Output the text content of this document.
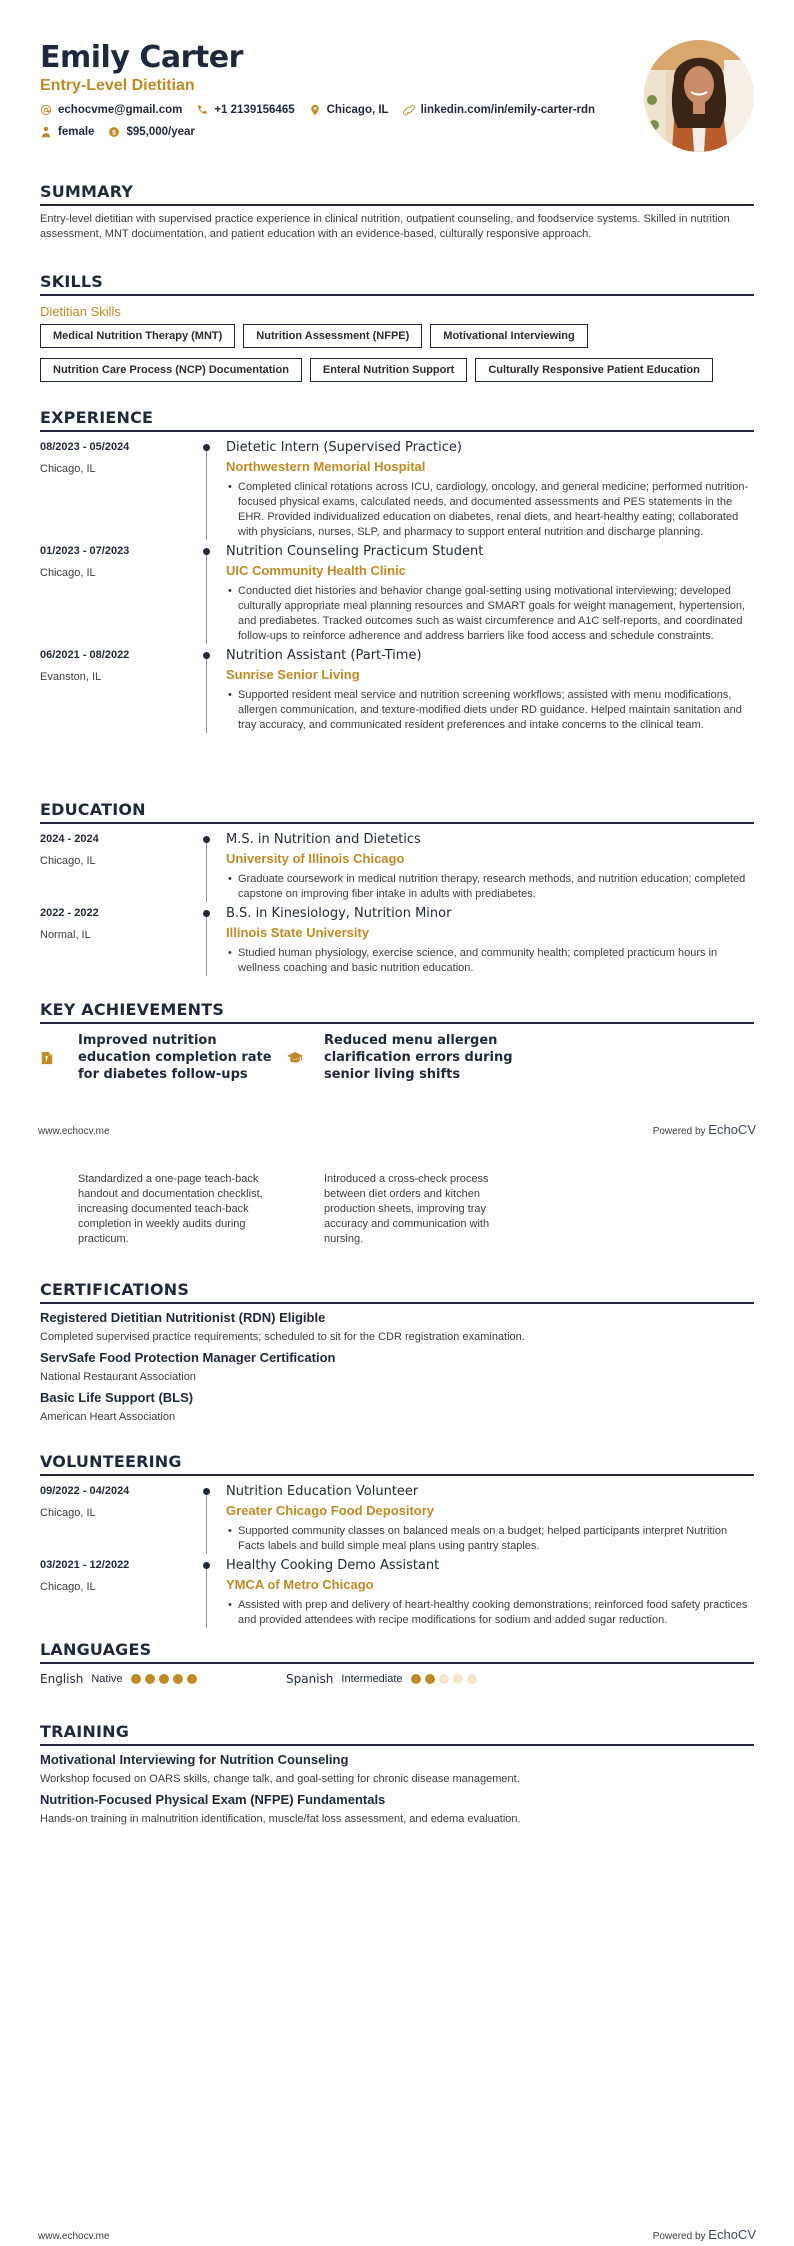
Emily Carter
Entry-Level Dietitian
echocvme@gmail.com	+1 2139156465	Chicago, IL	linkedin.com/in/emily-carter-rdn
female $ $95,000/year
SUMMARY
Entry-level dietitian with supervised practice experience in clinical nutrition, outpatient counseling, and foodservice systems. Skilled in nutrition assessment, MNT documentation, and patient education with an evidence-based, culturally responsive approach.
SKILLS
Dietitian Skills
Medical Nutrition Therapy (MNT)	Nutrition Assessment (NFPE)	Motivational Interviewing
Nutrition Care Process (NCP) Documentation	Enteral Nutrition Support	Culturally Responsive Patient Education
EXPERIENCE
08/2023 - 05/2024
Chicago, IL
Dietetic Intern (Supervised Practice)
Northwestern Memorial Hospital
• Completed clinical rotations across ICU, cardiology, oncology, and general medicine; performed nutrition-focused physical exams, calculated needs, and documented assessments and PES statements in the EHR. Provided individualized education on diabetes, renal diets, and heart-healthy eating; collaborated with physicians, nurses, SLP, and pharmacy to support enteral nutrition and discharge planning.
01/2023 - 07/2023
Chicago, IL
Nutrition Counseling Practicum Student
UIC Community Health Clinic
• Conducted diet histories and behavior change goal-setting using motivational interviewing; developed culturally appropriate meal planning resources and SMART goals for weight management, hypertension, and prediabetes. Tracked outcomes such as waist circumference and A1C self-reports, and coordinated follow-ups to reinforce adherence and address barriers like food access and schedule constraints.
06/2021 - 08/2022
Evanston, IL
Nutrition Assistant (Part-Time)
Sunrise Senior Living
• Supported resident meal service and nutrition screening workflows; assisted with menu modifications, allergen communication, and texture-modified diets under RD guidance. Helped maintain sanitation and tray accuracy, and communicated resident preferences and intake concerns to the clinical team.
EDUCATION
2024 - 2024
Chicago, IL
M.S. in Nutrition and Dietetics
University of Illinois Chicago
• Graduate coursework in medical nutrition therapy, research methods, and nutrition education; completed capstone on improving fiber intake in adults with prediabetes.
2022 - 2022
Normal, IL
B.S. in Kinesiology, Nutrition Minor
Illinois State University
• Studied human physiology, exercise science, and community health; completed practicum hours in wellness coaching and basic nutrition education.
KEY ACHIEVEMENTS
Improved nutrition education completion rate for diabetes follow-ups
Reduced menu allergen clarification errors during senior living shifts
www.echocv.me	Powered by EchoCV
Standardized a one-page teach-back handout and documentation checklist, increasing documented teach-back completion in weekly audits during practicum.
Introduced a cross-check process between diet orders and kitchen production sheets, improving tray accuracy and communication with nursing.
CERTIFICATIONS
Registered Dietitian Nutritionist (RDN) Eligible
Completed supervised practice requirements; scheduled to sit for the CDR registration examination.
ServSafe Food Protection Manager Certification
National Restaurant Association
Basic Life Support (BLS)
American Heart Association
VOLUNTEERING
09/2022 - 04/2024
Chicago, IL
Nutrition Education Volunteer
Greater Chicago Food Depository
• Supported community classes on balanced meals on a budget; helped participants interpret Nutrition Facts labels and build simple meal plans using pantry staples.
03/2021 - 12/2022
Chicago, IL
Healthy Cooking Demo Assistant
YMCA of Metro Chicago
• Assisted with prep and delivery of heart-healthy cooking demonstrations; reinforced food safety practices and provided attendees with recipe modifications for sodium and added sugar reduction.
LANGUAGES
English Native	Spanish Intermediate
TRAINING
Motivational Interviewing for Nutrition Counseling
Workshop focused on OARS skills, change talk, and goal-setting for chronic disease management.
Nutrition-Focused Physical Exam (NFPE) Fundamentals
Hands-on training in malnutrition identification, muscle/fat loss assessment, and edema evaluation.
www.echocv.me	Powered by EchoCV
